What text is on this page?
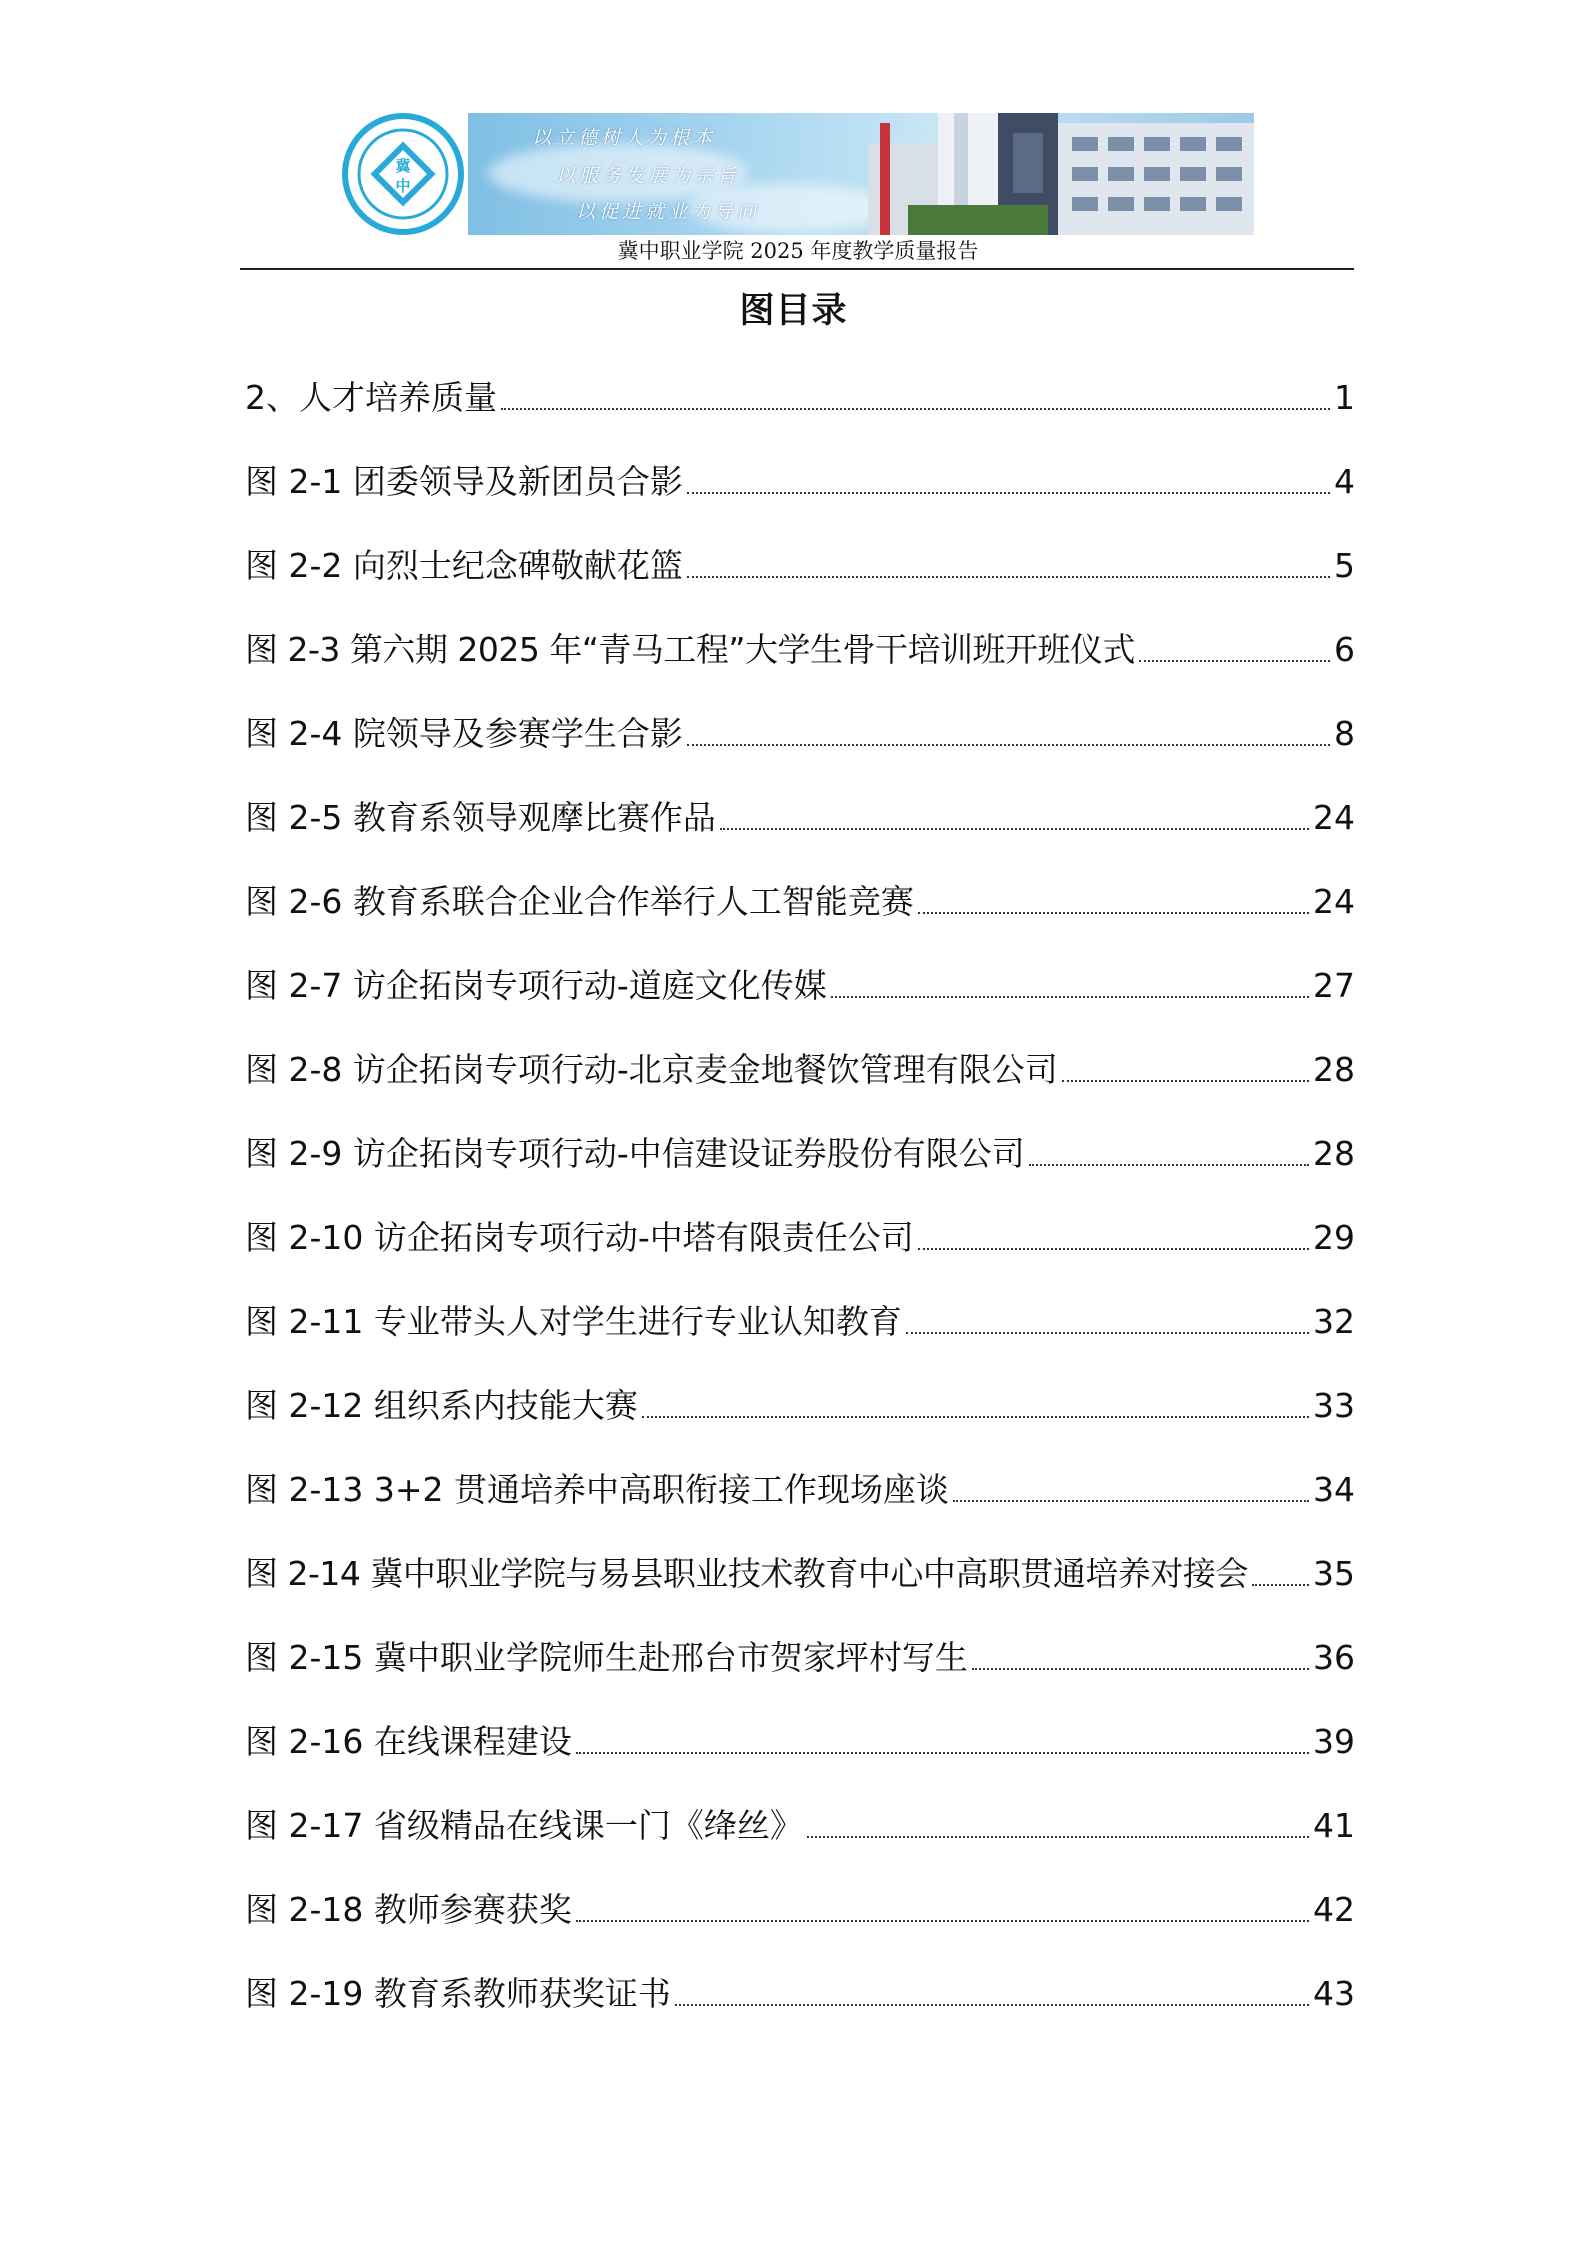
冀
中
以立德树人为根本
以服务发展为宗旨
以促进就业为导向
冀中职业学院 2025 年度教学质量报告
图目录
2、人才培养质量	1
图 2-1 团委领导及新团员合影	4
图 2-2 向烈士纪念碑敬献花篮	5
图 2-3 第六期 2025 年“青马工程”大学生骨干培训班开班仪式	6
图 2-4 院领导及参赛学生合影	8
图 2-5 教育系领导观摩比赛作品	24
图 2-6 教育系联合企业合作举行人工智能竞赛	24
图 2-7 访企拓岗专项行动-道庭文化传媒	27
图 2-8 访企拓岗专项行动-北京麦金地餐饮管理有限公司	28
图 2-9 访企拓岗专项行动-中信建设证券股份有限公司	28
图 2-10 访企拓岗专项行动-中塔有限责任公司	29
图 2-11 专业带头人对学生进行专业认知教育	32
图 2-12 组织系内技能大赛	33
图 2-13 3+2 贯通培养中高职衔接工作现场座谈	34
图 2-14 冀中职业学院与易县职业技术教育中心中高职贯通培养对接会 35
图 2-15 冀中职业学院师生赴邢台市贺家坪村写生	36
图 2-16 在线课程建设	39
图 2-17 省级精品在线课一门《绛丝》	41
图 2-18 教师参赛获奖	42
图 2-19 教育系教师获奖证书	43
